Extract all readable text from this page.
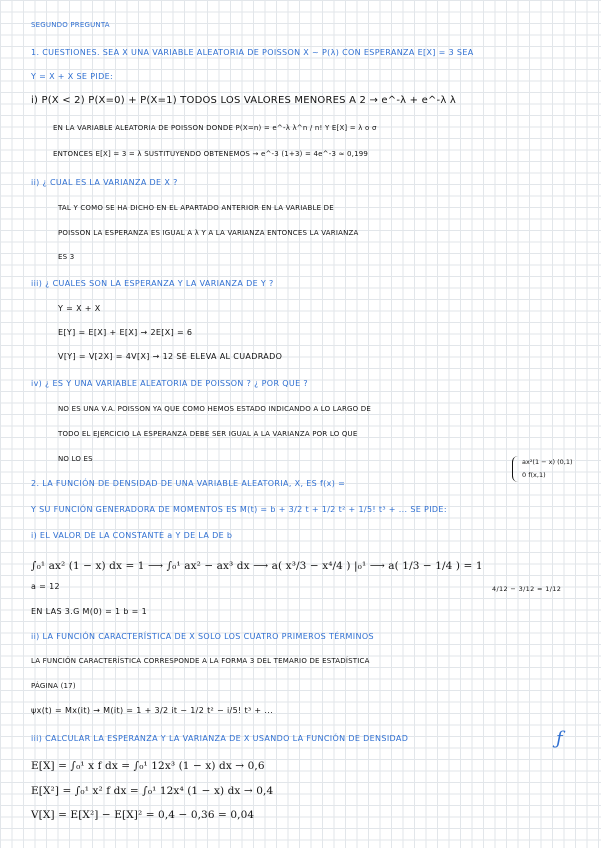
SEGUNDO PREGUNTA
1. CUESTIONES. SEA X UNA VARIABLE ALEATORIA DE POISSON X ~ P(λ) CON ESPERANZA E[X] = 3 SEA
Y = X + X SE PIDE:
i) P(X < 2) P(X=0) + P(X=1) TODOS LOS VALORES MENORES A 2 → e^-λ + e^-λ λ
EN LA VARIABLE ALEATORIA DE POISSON DONDE P(X=n) = e^-λ λ^n / n! Y E[X] = λ o σ
ENTONCES E[X] = 3 = λ SUSTITUYENDO OBTENEMOS → e^-3 (1+3) = 4e^-3 ≈ 0,199
ii) ¿ CUAL ES LA VARIANZA DE X ?
TAL Y COMO SE HA DICHO EN EL APARTADO ANTERIOR EN LA VARIABLE DE
POISSON LA ESPERANZA ES IGUAL A λ Y A LA VARIANZA ENTONCES LA VARIANZA
ES 3
iii) ¿ CUALES SON LA ESPERANZA Y LA VARIANZA DE Y ?
Y = X + X
E[Y] = E[X] + E[X] → 2E[X] = 6
V[Y] = V[2X] = 4V[X] → 12 SE ELEVA AL CUADRADO
iv) ¿ ES Y UNA VARIABLE ALEATORIA DE POISSON ? ¿ POR QUE ?
NO ES UNA V.A. POISSON YA QUE COMO HEMOS ESTADO INDICANDO A LO LARGO DE
TODO EL EJERCICIO LA ESPERANZA DEBE SER IGUAL A LA VARIANZA POR LO QUE
NO LO ES
2. LA FUNCIÓN DE DENSIDAD DE UNA VARIABLE ALEATORIA, X, ES f(x) =
ax²(1 − x) (0,1)
0 f(x,1)
Y SU FUNCIÓN GENERADORA DE MOMENTOS ES M(t) = b + 3/2 t + 1/2 t² + 1/5! t³ + ... SE PIDE:
i) EL VALOR DE LA CONSTANTE a Y DE LA DE b
∫₀¹ ax² (1 − x) dx = 1 ⟶ ∫₀¹ ax² − ax³ dx ⟶ a( x³/3 − x⁴/4 ) |₀¹ ⟶ a( 1/3 − 1/4 ) = 1
4/12 − 3/12 = 1/12
a = 12
EN LAS 3.G M(0) = 1 b = 1
ii) LA FUNCIÓN CARACTERÍSTICA DE X SOLO LOS CUATRO PRIMEROS TÉRMINOS
LA FUNCIÓN CARACTERÍSTICA CORRESPONDE A LA FORMA 3 DEL TEMARIO DE ESTADÍSTICA
PÁGINA (17)
ψx(t) = Mx(it) → M(it) = 1 + 3/2 it − 1/2 t² − i/5! t³ + ...
iii) CALCULAR LA ESPERANZA Y LA VARIANZA DE X USANDO LA FUNCIÓN DE DENSIDAD	ƒ
E[X] = ∫₀¹ x f dx = ∫₀¹ 12x³ (1 − x) dx → 0,6
E[X²] = ∫₀¹ x² f dx = ∫₀¹ 12x⁴ (1 − x) dx → 0,4
V[X] = E[X²] − E[X]² = 0,4 − 0,36 = 0,04
